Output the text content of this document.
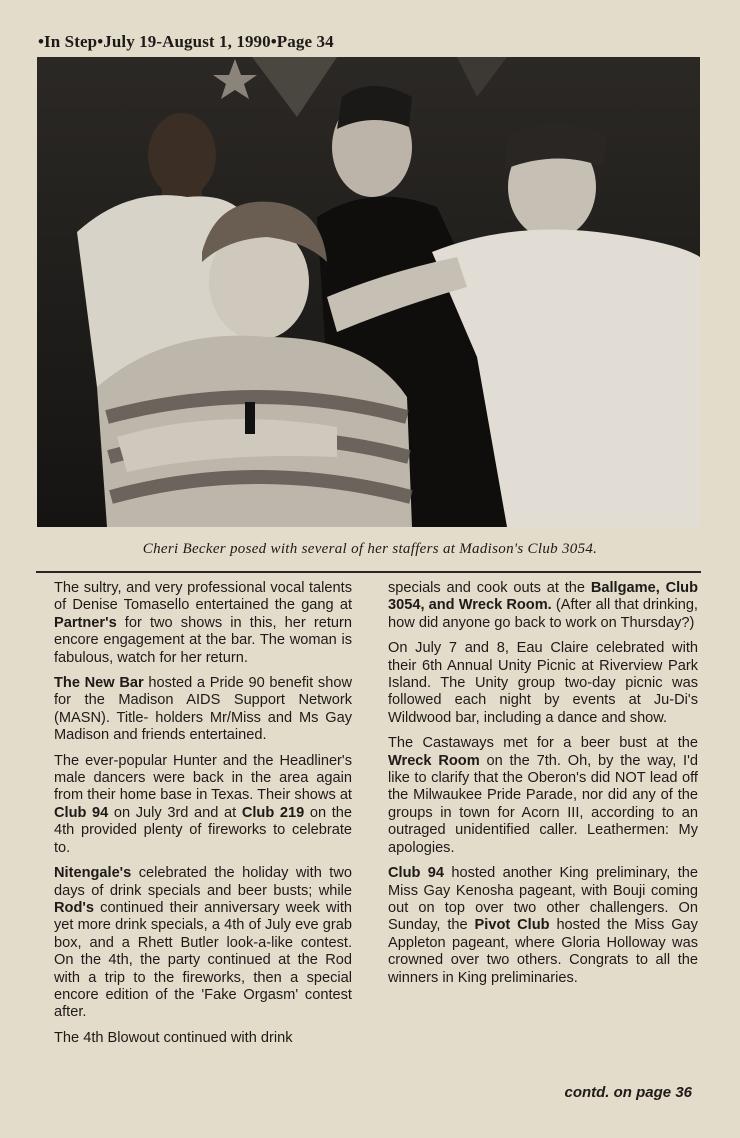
•In Step•July 19-August 1, 1990•Page 34
Cheri Becker posed with several of her staffers at Madison's Club 3054.

The sultry, and very professional vocal talents of Denise Tomasello entertained the gang at Partner's for two shows in this, her return encore engagement at the bar. The woman is fabulous, watch for her return.

The New Bar hosted a Pride 90 benefit show for the Madison AIDS Support Network (MASN). Title- holders Mr/Miss and Ms Gay Madison and friends entertained.

The ever-popular Hunter and the Headliner's male dancers were back in the area again from their home base in Texas. Their shows at Club 94 on July 3rd and at Club 219 on the 4th provided plenty of fireworks to celebrate to.

Nitengale's celebrated the holiday with two days of drink specials and beer busts; while Rod's continued their anniversary week with yet more drink specials, a 4th of July eve grab box, and a Rhett Butler look-a-like contest. On the 4th, the party continued at the Rod with a trip to the fireworks, then a special encore edition of the 'Fake Orgasm' contest after.

The 4th Blowout continued with drink

specials and cook outs at the Ballgame, Club 3054, and Wreck Room. (After all that drinking, how did anyone go back to work on Thursday?)

On July 7 and 8, Eau Claire celebrated with their 6th Annual Unity Picnic at Riverview Park Island. The Unity group two-day picnic was followed each night by events at Ju-Di's Wildwood bar, including a dance and show.

The Castaways met for a beer bust at the Wreck Room on the 7th. Oh, by the way, I'd like to clarify that the Oberon's did NOT lead off the Milwaukee Pride Parade, nor did any of the groups in town for Acorn III, according to an outraged unidentified caller. Leathermen: My apologies.

Club 94 hosted another King preliminary, the Miss Gay Kenosha pageant, with Bouji coming out on top over two other challengers. On Sunday, the Pivot Club hosted the Miss Gay Appleton pageant, where Gloria Holloway was crowned over two others. Congrats to all the winners in King preliminaries.

contd. on page 36
